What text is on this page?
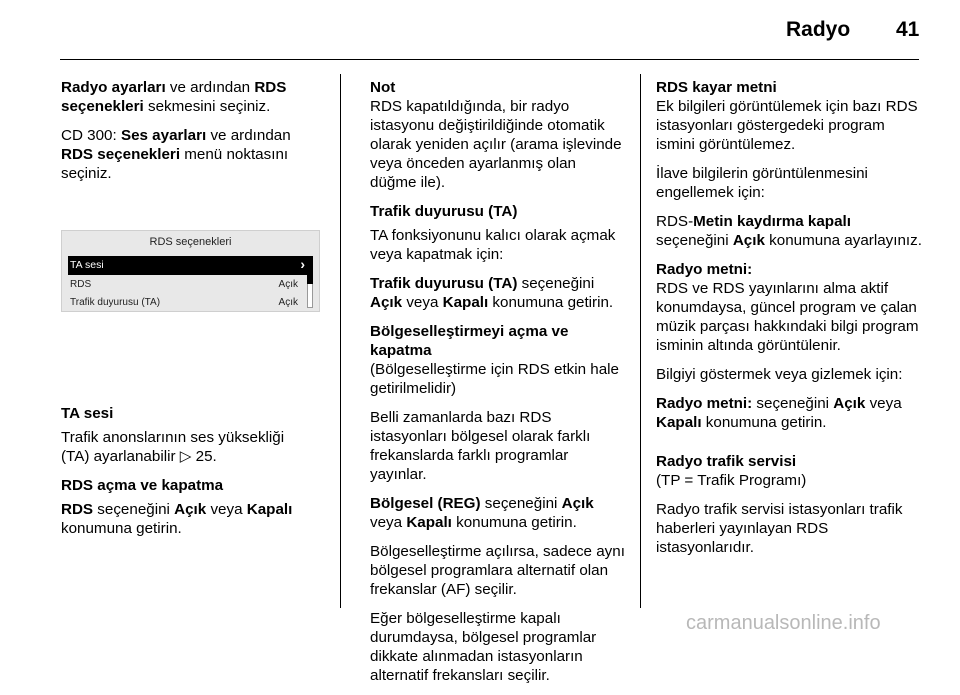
Radyo 41

Radyo ayarları ve ardından RDS seçenekleri sekmesini seçiniz.

CD 300: Ses ayarları ve ardından RDS seçenekleri menü noktasını seçiniz.

RDS seçenekleri
TA sesi	›
RDS	Açık
Trafik duyurusu (TA)	Açık
TA sesi

Trafik anonslarının ses yüksekliği (TA) ayarlanabilir ▷ 25.

RDS açma ve kapatma

RDS seçeneğini Açık veya Kapalı konumuna getirin.

Not

RDS kapatıldığında, bir radyo istasyonu değiştirildiğinde otomatik olarak yeniden açılır (arama işlevinde veya önceden ayarlanmış olan düğme ile).

Trafik duyurusu (TA)

TA fonksiyonunu kalıcı olarak açmak veya kapatmak için:

Trafik duyurusu (TA) seçeneğini Açık veya Kapalı konumuna getirin.

Bölgeselleştirmeyi açma ve kapatma

(Bölgeselleştirme için RDS etkin hale getirilmelidir)

Belli zamanlarda bazı RDS istasyonları bölgesel olarak farklı frekanslarda farklı programlar yayınlar.

Bölgesel (REG) seçeneğini Açık veya Kapalı konumuna getirin.

Bölgeselleştirme açılırsa, sadece aynı bölgesel programlara alternatif olan frekanslar (AF) seçilir.

Eğer bölgeselleştirme kapalı durumdaysa, bölgesel programlar dikkate alınmadan istasyonların alternatif frekansları seçilir.

RDS kayar metni

Ek bilgileri görüntülemek için bazı RDS istasyonları göstergedeki program ismini görüntülemez.

İlave bilgilerin görüntülenmesini engellemek için:

RDS-Metin kaydırma kapalı seçeneğini Açık konumuna ayarlayınız.

Radyo metni:

RDS ve RDS yayınlarını alma aktif konumdaysa, güncel program ve çalan müzik parçası hakkındaki bilgi program isminin altında görüntülenir.

Bilgiyi göstermek veya gizlemek için:

Radyo metni: seçeneğini Açık veya Kapalı konumuna getirin.

Radyo trafik servisi

(TP = Trafik Programı)

Radyo trafik servisi istasyonları trafik haberleri yayınlayan RDS istasyonlarıdır.

carmanualsonline.info
